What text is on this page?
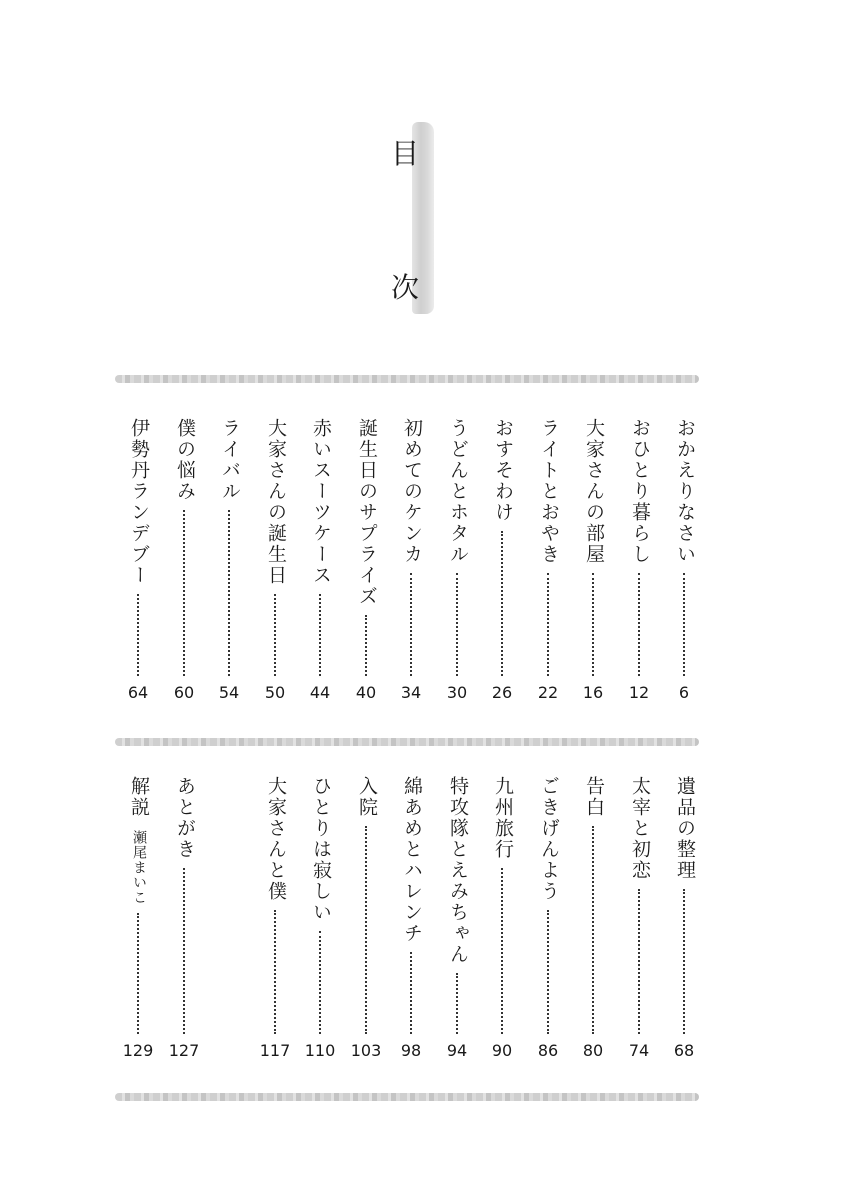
目
次
おかえりなさい
6
おひとり暮らし
12
大家さんの部屋
16
ライトとおやき
22
おすそわけ
26
うどんとホタル
30
初めてのケンカ
34
誕生日のサプライズ
40
赤いスーツケース
44
大家さんの誕生日
50
ライバル
54
僕の悩み
60
伊勢丹ランデブー
64
遺品の整理
68
太宰と初恋
74
告白
80
ごきげんよう
86
九州旅行
90
特攻隊とえみちゃん
94
綿あめとハレンチ
98
入院
103
ひとりは寂しい
110
大家さんと僕
117
あとがき
127
解説
瀬尾まいこ
129
